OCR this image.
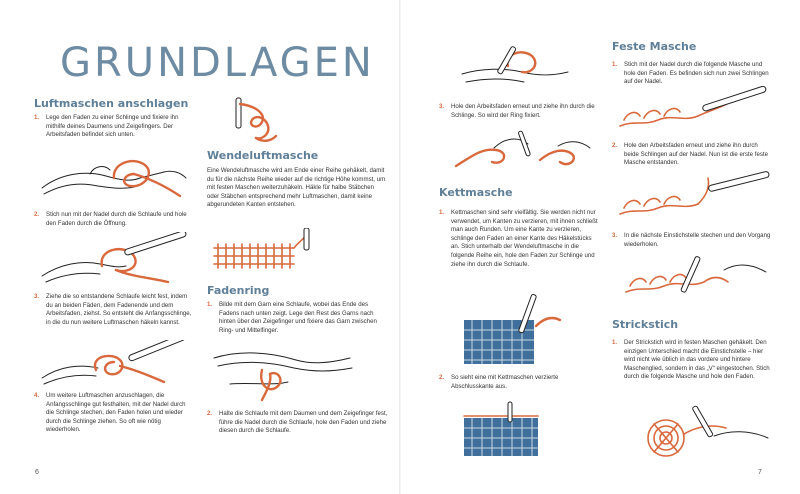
GRUNDLAGEN
Luftmaschen anschlagen
1. Lege den Faden zu einer Schlinge und fixiere ihn mithilfe deines Daumens und Zeigefingers. Der Arbeitsfaden befindet sich unten.
2. Stich nun mit der Nadel durch die Schlaufe und hole den Faden durch die Öffnung.
3. Ziehe die so entstandene Schlaufe leicht fest, indem du an beiden Fäden, dem Fadenende und dem Arbeitsfaden, ziehst. So entsteht die Anfangsschlinge, in die du nun weitere Luftmaschen häkeln kannst.
4. Um weitere Luftmaschen anzuschlagen, die Anfangsschlinge gut festhalten, mit der Nadel durch die Schlinge stechen, den Faden holen und wieder durch die Schlinge ziehen. So oft wie nötig wiederholen.
Wendeluftmasche
Eine Wendeluftmasche wird am Ende einer Reihe gehäkelt, damit du für die nächste Reihe wieder auf die richtige Höhe kommst, um mit festen Maschen weiterzuhäkeln. Häkle für halbe Stäbchen oder Stäbchen entsprechend mehr Luftmaschen, damit keine abgerundeten Kanten entstehen.
Fadenring
1. Bilde mit dem Garn eine Schlaufe, wobei das Ende des Fadens nach unten zeigt. Lege den Rest des Garns nach hinten über den Zeigefinger und fixiere das Garn zwischen Ring- und Mittelfinger.
2. Halte die Schlaufe mit dem Daumen und dem Zeigefinger fest, führe die Nadel durch die Schlaufe, hole den Faden und ziehe diesen durch die Schlaufe.
6
3. Hole den Arbeitsfaden erneut und ziehe ihn durch die Schlinge. So wird der Ring fixiert.
Kettmasche
1. Kettmaschen sind sehr vielfältig. Sie werden nicht nur verwendet, um Kanten zu verzieren, mit ihnen schließt man auch Runden. Um eine Kante zu verzieren, schlinge den Faden an einer Kante des Häkelstücks an. Stich unterhalb der Wendeluftmasche in die folgende Reihe ein, hole den Faden zur Schlinge und ziehe ihn durch die Schlaufe.
2. So sieht eine mit Kettmaschen verzierte Abschlusskante aus.
Feste Masche
1. Stich mit der Nadel durch die folgende Masche und hole den Faden. Es befinden sich nun zwei Schlingen auf der Nadel.
2. Hole den Arbeitsfaden erneut und ziehe ihn durch beide Schlingen auf der Nadel. Nun ist die erste feste Masche entstanden.
3. In die nächste Einstichstelle stechen und den Vorgang wiederholen.
Strickstich
1. Der Strickstich wird in festen Maschen gehäkelt. Den einzigen Unterschied macht die Einstichstelle – hier wird nicht wie üblich in das vordere und hintere Maschenglied, sondern in das „V“ eingestochen. Stich durch die folgende Masche und hole den Faden.
7
